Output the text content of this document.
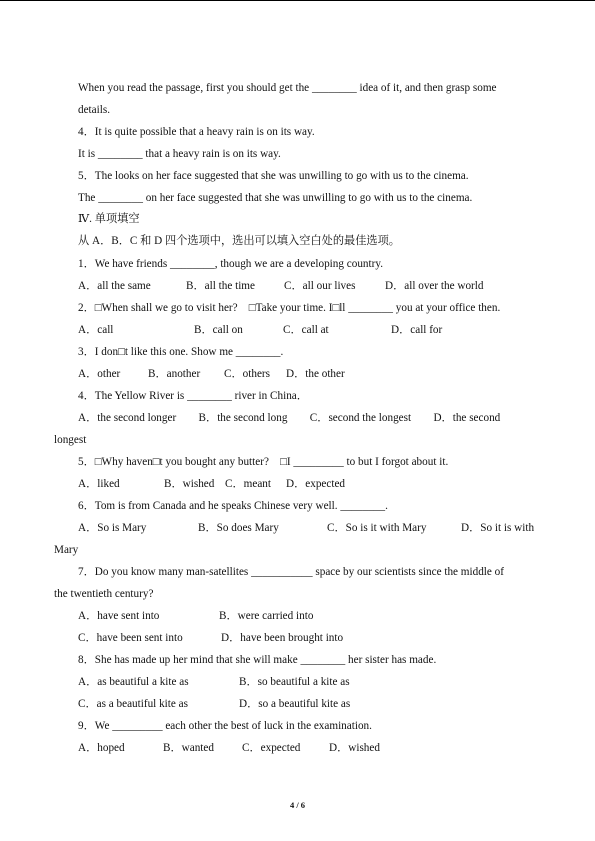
When you read the passage, first you should get the ________ idea of it, and then grasp some
details.
4．It is quite possible that a heavy rain is on its way.
It is ________ that a heavy rain is on its way.
5．The looks on her face suggested that she was unwilling to go with us to the cinema.
The ________ on her face suggested that she was unwilling to go with us to the cinema.
Ⅳ. 单项填空
从 A．B．C 和 D 四个选项中，选出可以填入空白处的最佳选项。
1．We have friends ________, though we are a developing country.
A．all the same	B．all the time	C．all our lives	D．all over the world
2．□When shall we go to visit her?　□Take your time. I□ll ________ you at your office then.
A．call	B．call on	C．call at	D．call for
3．I don□t like this one. Show me ________.
A．other B．another C．others D．the other
4．The Yellow River is ________ river in China．
A．the second longer　　B．the second long　　C．second the longest　　D．the second
longest
5．□Why haven□t you bought any butter?　□I _________ to but I forgot about it.
A．liked	B．wished C．meant D．expected
6．Tom is from Canada and he speaks Chinese very well. ________.
A．So is Mary	B．So does Mary	C．So is it with Mary	D．So it is with
Mary
7．Do you know many man-satellites ___________ space by our scientists since the middle of
the twentieth century?
A．have sent into	B．were carried into
C．have been sent into	D．have been brought into
8．She has made up her mind that she will make ________ her sister has made.
A．as beautiful a kite as	B．so beautiful a kite as
C．as a beautiful kite as	D．so a beautiful kite as
9．We _________ each other the best of luck in the examination.
A．hoped	B．wanted	C．expected	D．wished
4 / 6
